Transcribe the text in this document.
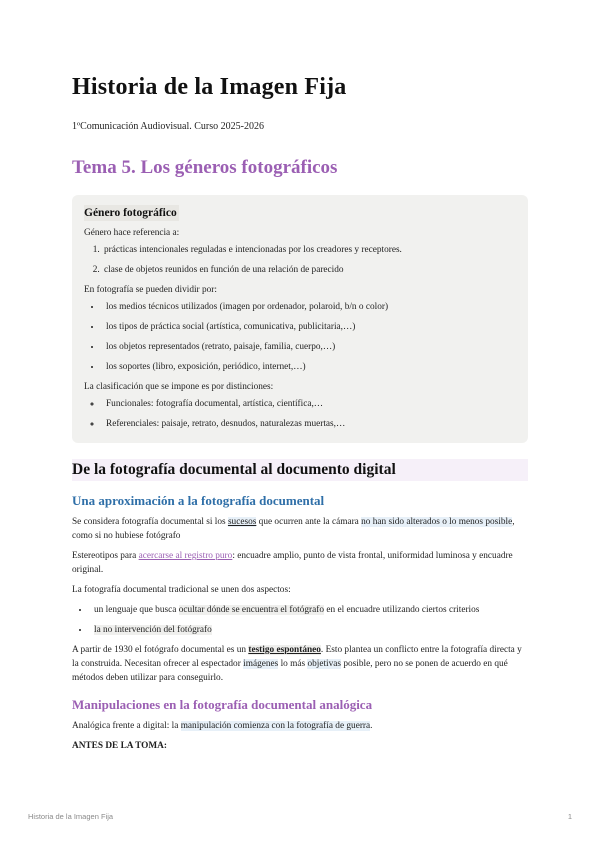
Historia de la Imagen Fija
1ºComunicación Audiovisual. Curso 2025-2026
Tema 5. Los géneros fotográficos
Género fotográfico

Género hace referencia a:

1. prácticas intencionales reguladas e intencionadas por los creadores y receptores.
2. clase de objetos reunidos en función de una relación de parecido

En fotografía se pueden dividir por:

• los medios técnicos utilizados (imagen por ordenador, polaroid, b/n o color)
• los tipos de práctica social (artística, comunicativa, publicitaria,…)
• los objetos representados (retrato, paisaje, familia, cuerpo,…)
• los soportes (libro, exposición, periódico, internet,…)

La clasificación que se impone es por distinciones:

◦ Funcionales: fotografía documental, artística, científica,…
◦ Referenciales: paisaje, retrato, desnudos, naturalezas muertas,…
De la fotografía documental al documento digital
Una aproximación a la fotografía documental

Se considera fotografía documental si los sucesos que ocurren ante la cámara no han sido alterados o lo menos posible, como si no hubiese fotógrafo

Estereotipos para acercarse al registro puro: encuadre amplio, punto de vista frontal, uniformidad luminosa y encuadre original.

La fotografía documental tradicional se unen dos aspectos:

• un lenguaje que busca ocultar dónde se encuentra el fotógrafo en el encuadre utilizando ciertos criterios
• la no intervención del fotógrafo

A partir de 1930 el fotógrafo documental es un testigo espontáneo. Esto plantea un conflicto entre la fotografía directa y la construida. Necesitan ofrecer al espectador imágenes lo más objetivas posible, pero no se ponen de acuerdo en qué métodos deben utilizar para conseguirlo.

Manipulaciones en la fotografía documental analógica

Analógica frente a digital: la manipulación comienza con la fotografía de guerra.

ANTES DE LA TOMA:

Historia de la Imagen Fija	1
